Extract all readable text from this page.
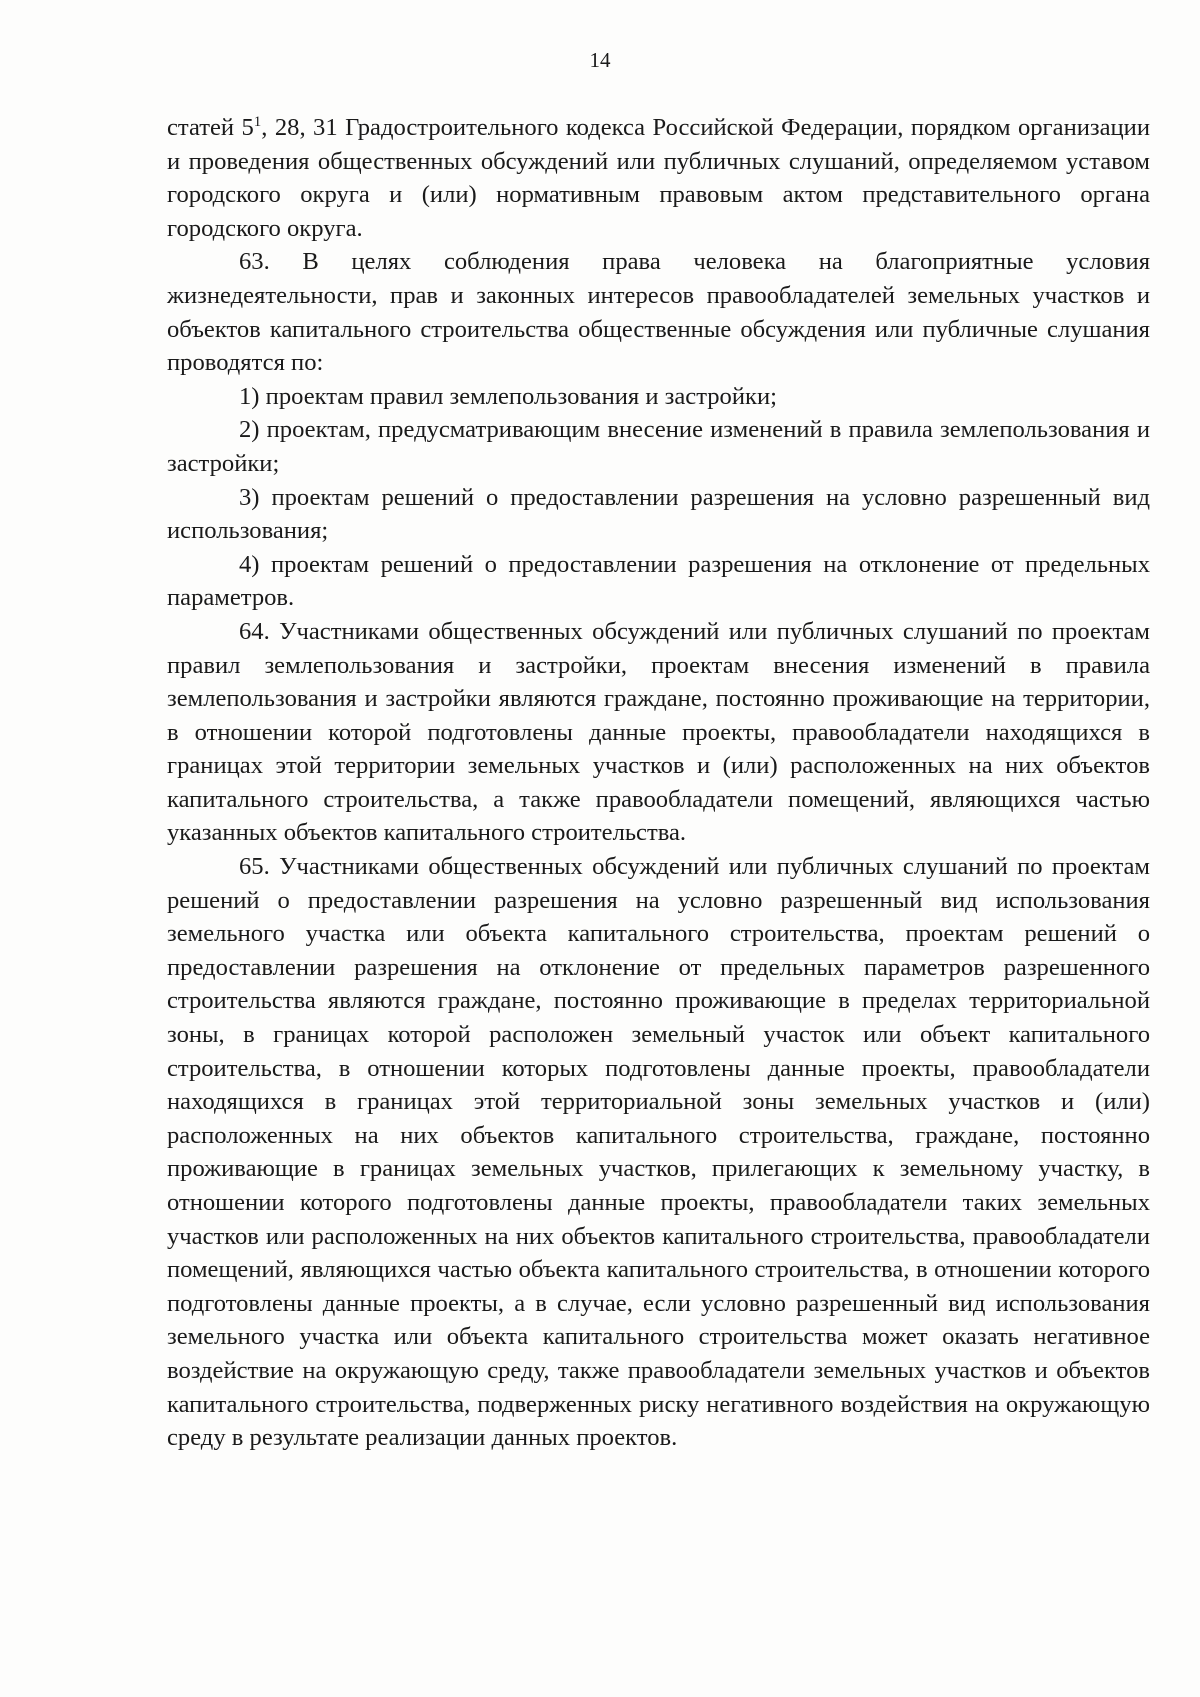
14

статей $5^1$, 28, 31 Градостроительного кодекса Российской Федерации, порядком организации и проведения общественных обсуждений или публичных слушаний, определяемом уставом городского округа и (или) нормативным правовым актом представительного органа городского округа.

63. В целях соблюдения права человека на благоприятные условия жизнедеятельности, прав и законных интересов правообладателей земельных участков и объектов капитального строительства общественные обсуждения или публичные слушания проводятся по:

1) проектам правил землепользования и застройки;

2) проектам, предусматривающим внесение изменений в правила землепользования и застройки;

3) проектам решений о предоставлении разрешения на условно разрешенный вид использования;

4) проектам решений о предоставлении разрешения на отклонение от предельных параметров.

64. Участниками общественных обсуждений или публичных слушаний по проектам правил землепользования и застройки, проектам внесения изменений в правила землепользования и застройки являются граждане, постоянно проживающие на территории, в отношении которой подготовлены данные проекты, правообладатели находящихся в границах этой территории земельных участков и (или) расположенных на них объектов капитального строительства, а также правообладатели помещений, являющихся частью указанных объектов капитального строительства.

65. Участниками общественных обсуждений или публичных слушаний по проектам решений о предоставлении разрешения на условно разрешенный вид использования земельного участка или объекта капитального строительства, проектам решений о предоставлении разрешения на отклонение от предельных параметров разрешенного строительства являются граждане, постоянно проживающие в пределах территориальной зоны, в границах которой расположен земельный участок или объект капитального строительства, в отношении которых подготовлены данные проекты, правообладатели находящихся в границах этой территориальной зоны земельных участков и (или) расположенных на них объектов капитального строительства, граждане, постоянно проживающие в границах земельных участков, прилегающих к земельному участку, в отношении которого подготовлены данные проекты, правообладатели таких земельных участков или расположенных на них объектов капитального строительства, правообладатели помещений, являющихся частью объекта капитального строительства, в отношении которого подготовлены данные проекты, а в случае, если условно разрешенный вид использования земельного участка или объекта капитального строительства может оказать негативное воздействие на окружающую среду, также правообладатели земельных участков и объектов капитального строительства, подверженных риску негативного воздействия на окружающую среду в результате реализации данных проектов.
